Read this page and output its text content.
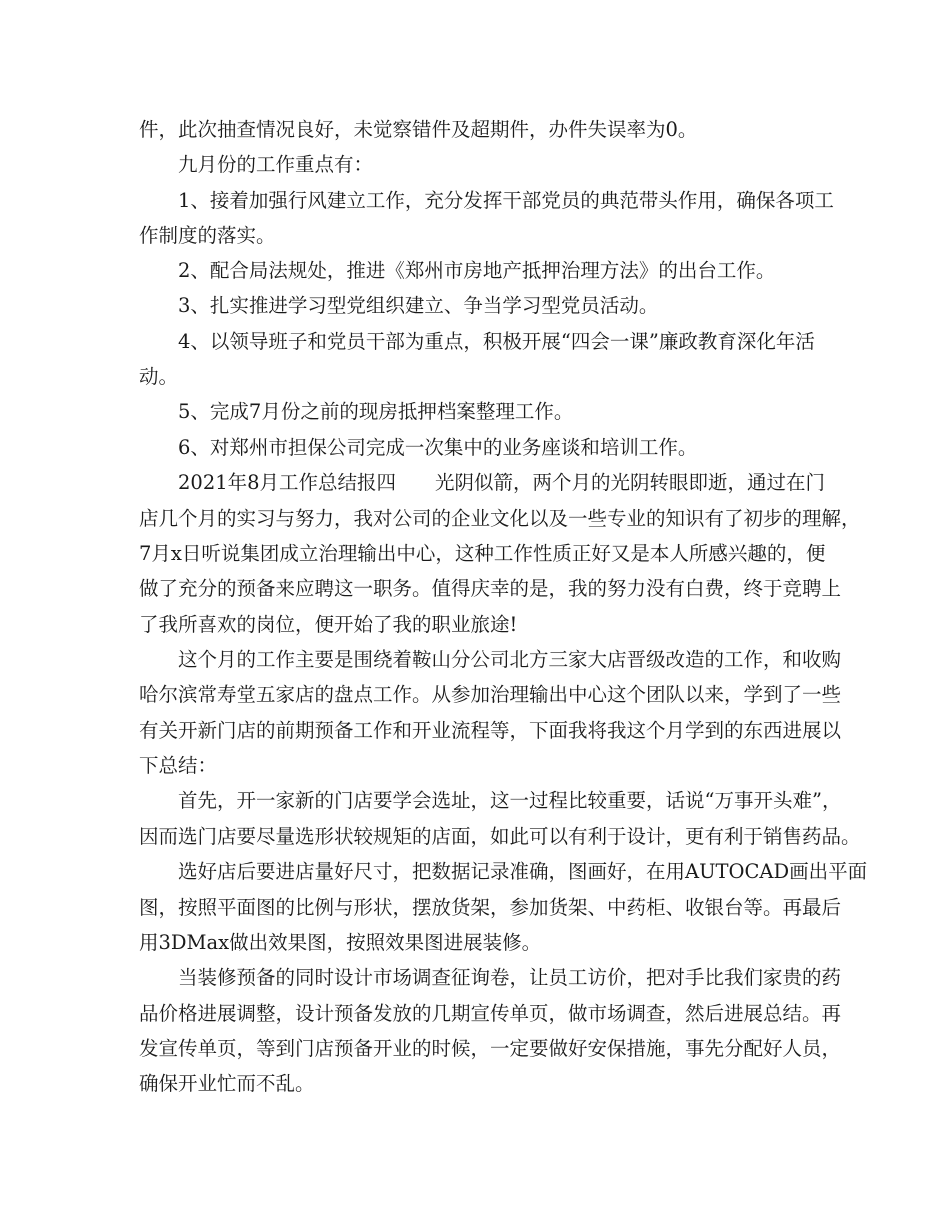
件，此次抽查情况良好，未觉察错件及超期件，办件失误率为0。
九月份的工作重点有：
1、接着加强行风建立工作，充分发挥干部党员的典范带头作用，确保各项工
作制度的落实。
2、配合局法规处，推进《郑州市房地产抵押治理方法》的出台工作。
3、扎实推进学习型党组织建立、争当学习型党员活动。
4、以领导班子和党员干部为重点，积极开展“四会一课”廉政教育深化年活
动。
5、完成7月份之前的现房抵押档案整理工作。
6、对郑州市担保公司完成一次集中的业务座谈和培训工作。
2021年8月工作总结报四　　光阴似箭，两个月的光阴转眼即逝，通过在门
店几个月的实习与努力，我对公司的企业文化以及一些专业的知识有了初步的理解，
7月x日听说集团成立治理输出中心，这种工作性质正好又是本人所感兴趣的，便
做了充分的预备来应聘这一职务。值得庆幸的是，我的努力没有白费，终于竞聘上
了我所喜欢的岗位，便开始了我的职业旅途!
这个月的工作主要是围绕着鞍山分公司北方三家大店晋级改造的工作，和收购
哈尔滨常寿堂五家店的盘点工作。从参加治理输出中心这个团队以来，学到了一些
有关开新门店的前期预备工作和开业流程等，下面我将我这个月学到的东西进展以
下总结：
首先，开一家新的门店要学会选址，这一过程比较重要，话说“万事开头难”，
因而选门店要尽量选形状较规矩的店面，如此可以有利于设计，更有利于销售药品。
选好店后要进店量好尺寸，把数据记录准确，图画好，在用AUTOCAD画出平面
图，按照平面图的比例与形状，摆放货架，参加货架、中药柜、收银台等。再最后
用3DMax做出效果图，按照效果图进展装修。
当装修预备的同时设计市场调查征询卷，让员工访价，把对手比我们家贵的药
品价格进展调整，设计预备发放的几期宣传单页，做市场调查，然后进展总结。再
发宣传单页，等到门店预备开业的时候，一定要做好安保措施，事先分配好人员，
确保开业忙而不乱。
